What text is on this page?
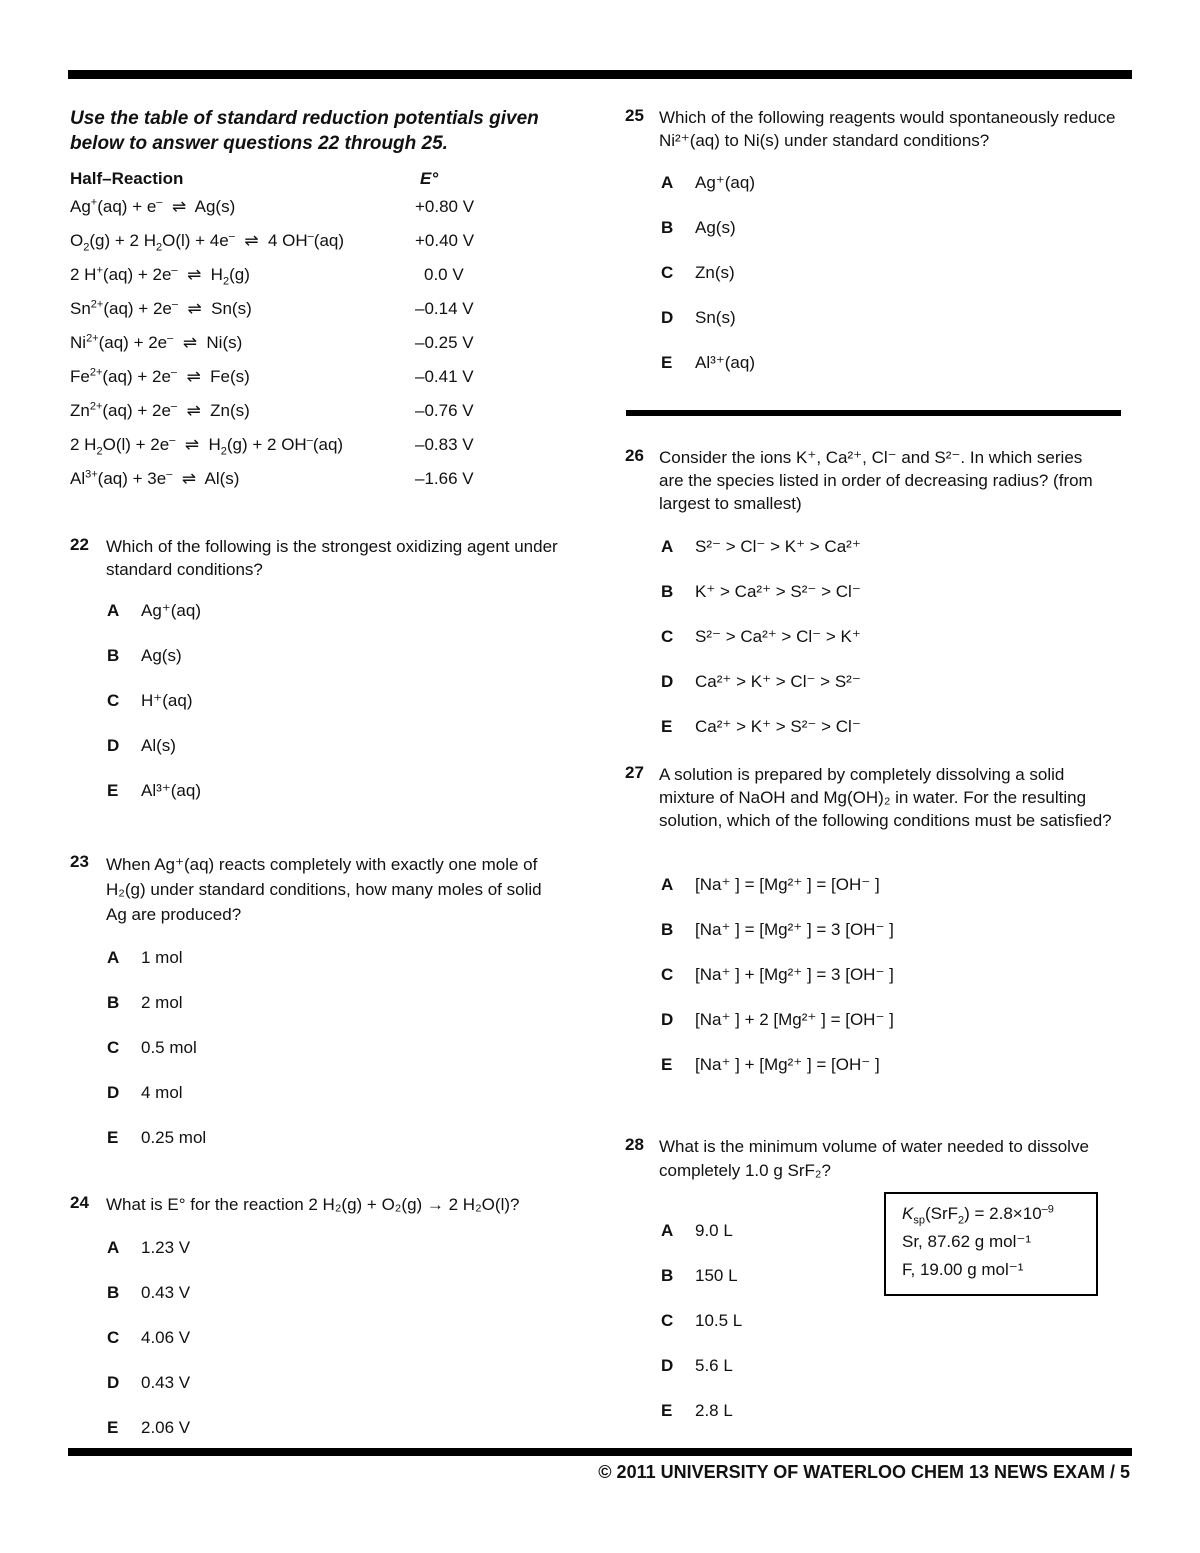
Use the table of standard reduction potentials given below to answer questions 22 through 25.
Half–Reaction	E°
Ag+(aq) + e–  ⇌  Ag(s)	+0.80 V
$O_2(g) + 2$ $H_2O(l) + 4e^-$  ⇌  4 OH–(aq)	+0.40 V
2 H+(aq) + 2e–  ⇌  $H_2(g)$	0.0 V
$Sn^{2+}(aq) + 2e^-$  ⇌  Sn(s)	–0.14 V
$Ni^{2+}(aq) + 2e^-$  ⇌  Ni(s)	–0.25 V
$Fe^{2+}(aq) + 2e^-$  ⇌  Fe(s)	–0.41 V
$Zn^{2+}(aq) + 2e^-$  ⇌  Zn(s)	–0.76 V
2 $H_2O(l) + 2e^-$  ⇌  $H_2(g) + 2$ OH–(aq)	–0.83 V
$Al^{3+}(aq) + 3e^-$  ⇌  Al(s)	–1.66 V
22 Which of the following is the strongest oxidizing agent under standard conditions?
A Ag⁺(aq)
B Ag(s)
C H⁺(aq)
D Al(s)
E Al³⁺(aq)
23 When Ag⁺(aq) reacts completely with exactly one mole of H₂(g) under standard conditions, how many moles of solid Ag are produced?
A 1 mol
B 2 mol
C 0.5 mol
D 4 mol
E 0.25 mol
24 What is E° for the reaction 2 H₂(g) + O₂(g) → 2 H₂O(l)?
A 1.23 V
B 0.43 V
C 4.06 V
D 0.43 V
E 2.06 V
25 Which of the following reagents would spontaneously reduce Ni²⁺(aq) to Ni(s) under standard conditions?
A Ag⁺(aq)
B Ag(s)
C Zn(s)
D Sn(s)
E Al³⁺(aq)
26 Consider the ions K⁺, Ca²⁺, Cl⁻ and S²⁻. In which series are the species listed in order of decreasing radius? (from largest to smallest)
A S²⁻ > Cl⁻ > K⁺ > Ca²⁺
B K⁺ > Ca²⁺ > S²⁻ > Cl⁻
C S²⁻ > Ca²⁺ > Cl⁻ > K⁺
D Ca²⁺ > K⁺ > Cl⁻ > S²⁻
E Ca²⁺ > K⁺ > S²⁻ > Cl⁻
27 A solution is prepared by completely dissolving a solid mixture of NaOH and Mg(OH)₂ in water. For the resulting solution, which of the following conditions must be satisfied?
A [Na⁺ ] = [Mg²⁺ ] = [OH⁻ ]
B [Na⁺ ] = [Mg²⁺ ] = 3 [OH⁻ ]
C [Na⁺ ] + [Mg²⁺ ] = 3 [OH⁻ ]
D [Na⁺ ] + 2 [Mg²⁺ ] = [OH⁻ ]
E [Na⁺ ] + [Mg²⁺ ] = [OH⁻ ]
28 What is the minimum volume of water needed to dissolve completely 1.0 g SrF₂?
A 9.0 L
B 150 L
C 10.5 L
D 5.6 L
E 2.8 L
$K_{sp}(SrF_2) = 2.8\times 10^{-9}$
Sr, 87.62 g mol⁻¹
F, 19.00 g mol⁻¹
© 2011 UNIVERSITY OF WATERLOO CHEM 13 NEWS EXAM / 5
